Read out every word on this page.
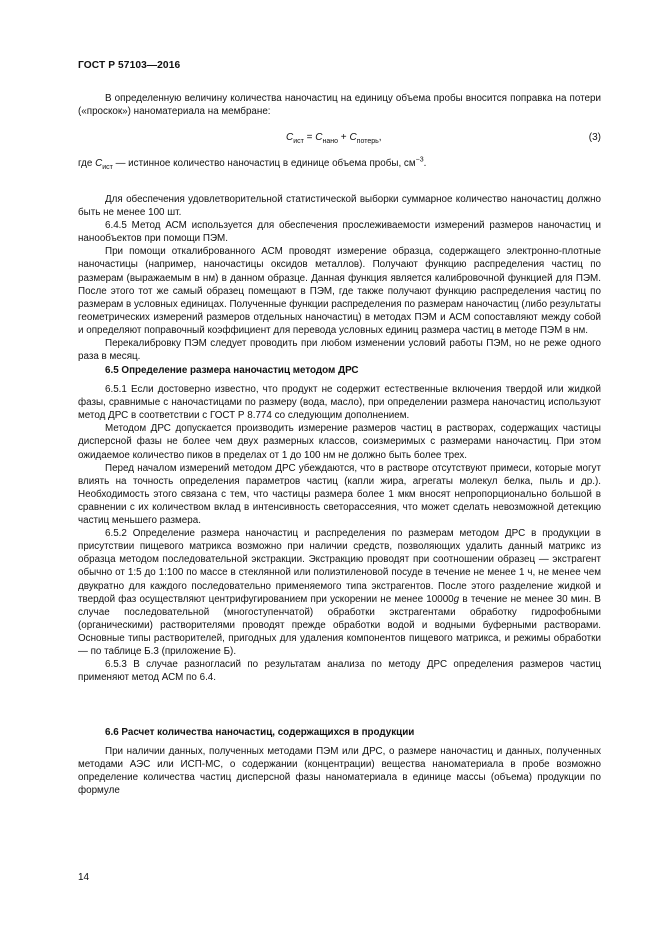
ГОСТ Р 57103—2016

В определенную величину количества наночастиц на единицу объема пробы вносится поправка на потери («проскок») наноматериала на мембране:

$C_{ист} = C_{нано} + C_{потерь}$,	(3)

где $C_{ист}$ — истинное количество наночастиц в единице объема пробы, $см^{-3}$.

Для обеспечения удовлетворительной статистической выборки суммарное количество наночастиц должно быть не менее 100 шт.

6.4.5 Метод АСМ используется для обеспечения прослеживаемости измерений размеров наночастиц и нанообъектов при помощи ПЭМ.

При помощи откалиброванного АСМ проводят измерение образца, содержащего электронно-плотные наночастицы (например, наночастицы оксидов металлов). Получают функцию распределения частиц по размерам (выражаемым в нм) в данном образце. Данная функция является калибровочной функцией для ПЭМ. После этого тот же самый образец помещают в ПЭМ, где также получают функцию распределения частиц по размерам в условных единицах. Полученные функции распределения по размерам наночастиц (либо результаты геометрических измерений размеров отдельных наночастиц) в методах ПЭМ и АСМ сопоставляют между собой и определяют поправочный коэффициент для перевода условных единиц размера частиц в методе ПЭМ в нм.

Перекалибровку ПЭМ следует проводить при любом изменении условий работы ПЭМ, но не реже одного раза в месяц.

6.5 Определение размера наночастиц методом ДРС

6.5.1 Если достоверно известно, что продукт не содержит естественные включения твердой или жидкой фазы, сравнимые с наночастицами по размеру (вода, масло), при определении размера наночастиц используют метод ДРС в соответствии с ГОСТ Р 8.774 со следующим дополнением.

Методом ДРС допускается производить измерение размеров частиц в растворах, содержащих частицы дисперсной фазы не более чем двух размерных классов, соизмеримых с размерами наночастиц. При этом ожидаемое количество пиков в пределах от 1 до 100 нм не должно быть более трех.

Перед началом измерений методом ДРС убеждаются, что в растворе отсутствуют примеси, которые могут влиять на точность определения параметров частиц (капли жира, агрегаты молекул белка, пыль и др.). Необходимость этого связана с тем, что частицы размера более 1 мкм вносят непропорционально большой в сравнении с их количеством вклад в интенсивность светорассеяния, что может сделать невозможной детекцию частиц меньшего размера.

6.5.2 Определение размера наночастиц и распределения по размерам методом ДРС в продукции в присутствии пищевого матрикса возможно при наличии средств, позволяющих удалить данный матрикс из образца методом последовательной экстракции. Экстракцию проводят при соотношении образец — экстрагент обычно от 1:5 до 1:100 по массе в стеклянной или полиэтиленовой посуде в течение не менее 1 ч, не менее чем двукратно для каждого последовательно применяемого типа экстрагентов. После этого разделение жидкой и твердой фаз осуществляют центрифугированием при ускорении не менее 10000g в течение не менее 30 мин. В случае последовательной (многоступенчатой) обработки экстрагентами обработку гидрофобными (органическими) растворителями проводят прежде обработки водой и водными буферными растворами. Основные типы растворителей, пригодных для удаления компонентов пищевого матрикса, и режимы обработки — по таблице Б.3 (приложение Б).

6.5.3 В случае разногласий по результатам анализа по методу ДРС определения размеров частиц применяют метод АСМ по 6.4.

6.6 Расчет количества наночастиц, содержащихся в продукции

При наличии данных, полученных методами ПЭМ или ДРС, о размере наночастиц и данных, полученных методами АЭС или ИСП-МС, о содержании (концентрации) вещества наноматериала в пробе возможно определение количества частиц дисперсной фазы наноматериала в единице массы (объема) продукции по формуле

14
